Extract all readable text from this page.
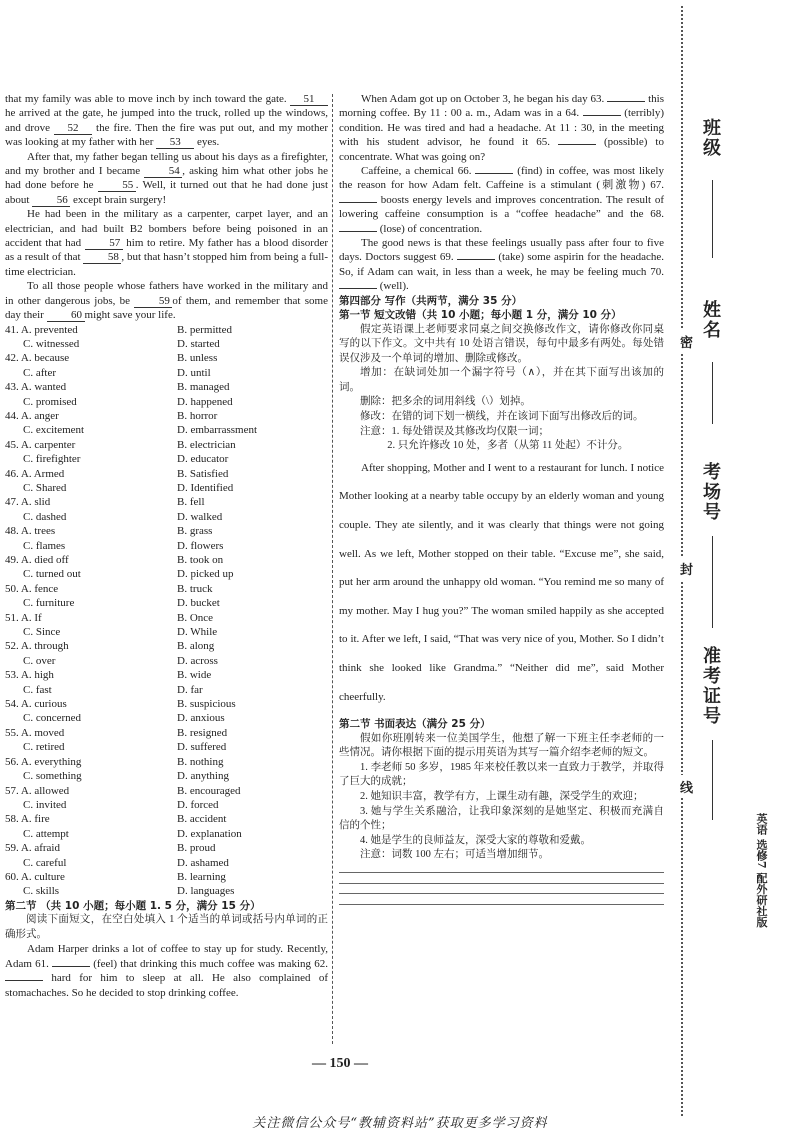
that my family was able to move inch by inch toward the gate. 51he arrived at the gate, he jumped into the truck, rolled up the windows, and drove 52 the fire. Then the fire was put out, and my mother was looking at my father with her 53 eyes.

After that, my father began telling us about his days as a firefighter, and my brother and I became 54 , asking him what other jobs he had done before he 55 . Well, it turned out that he had done just about 56 except brain surgery!

He had been in the military as a carpenter, carpet layer, and an electrician, and had built B2 bombers before being poisoned in an accident that had 57 him to retire. My father has a blood disorder as a result of that 58 , but that hasn’t stopped him from being a full-time electrician.

To all those people whose fathers have worked in the military and in other dangerous jobs, be 59 of them, and remember that some day their 60 might save your life.

41. A. prevented	B. permitted
C. witnessed	D. started
42. A. because	B. unless
C. after	D. until
43. A. wanted	B. managed
C. promised	D. happened
44. A. anger	B. horror
C. excitement	D. embarrassment
45. A. carpenter	B. electrician
C. firefighter	D. educator
46. A. Armed	B. Satisfied
C. Shared	D. Identified
47. A. slid	B. fell
C. dashed	D. walked
48. A. trees	B. grass
C. flames	D. flowers
49. A. died off	B. took on
C. turned out	D. picked up
50. A. fence	B. truck
C. furniture	D. bucket
51. A. If	B. Once
C. Since	D. While
52. A. through	B. along
C. over	D. across
53. A. high	B. wide
C. fast	D. far
54. A. curious	B. suspicious
C. concerned	D. anxious
55. A. moved	B. resigned
C. retired	D. suffered
56. A. everything	B. nothing
C. something	D. anything
57. A. allowed	B. encouraged
C. invited	D. forced
58. A. fire	B. accident
C. attempt	D. explanation
59. A. afraid	B. proud
C. careful	D. ashamed
60. A. culture	B. learning
C. skills	D. languages

第二节 （共 10 小题；每小题 1. 5 分，满分 15 分）

阅读下面短文，在空白处填入 1 个适当的单词或括号内单词的正确形式。

Adam Harper drinks a lot of coffee to stay up for study. Recently, Adam 61.	(feel) that drinking this much coffee was making 62.  hard for him to sleep at all. He also complained of stomachaches. So he decided to stop drinking coffee.

When Adam got up on October 3, he began his day 63.	this morning coffee. By 11 : 00 a. m., Adam was in a 64.	(terribly) condition. He was tired and had a headache. At 11 : 30, in the meeting with his student advisor, he found it 65.	(possible) to concentrate. What was going on?

Caffeine, a chemical 66.	(find) in coffee, was most likely the reason for how Adam felt. Caffeine is a stimulant (刺激物) 67.  boosts energy levels and improves concentration. The result of lowering caffeine consumption is a “coffee headache” and the 68.  (lose) of concentration.

The good news is that these feelings usually pass after four to five days. Doctors suggest 69.	(take) some aspirin for the headache. So, if Adam can wait, in less than a week, he may be feeling much 70.  (well).

第四部分 写作（共两节，满分 35 分）

第一节 短文改错（共 10 小题；每小题 1 分，满分 10 分）

假定英语课上老师要求同桌之间交换修改作文，请你修改你同桌写的以下作文。文中共有 10 处语言错误，每句中最多有两处。每处错误仅涉及一个单词的增加、删除或修改。

增加：在缺词处加一个漏字符号（∧），并在其下面写出该加的词。

删除：把多余的词用斜线（\）划掉。

修改：在错的词下划一横线，并在该词下面写出修改后的词。

注意：1. 每处错误及其修改均仅限一词；

2. 只允许修改 10 处，多者（从第 11 处起）不计分。

After shopping, Mother and I went to a restaurant for lunch. I notice Mother looking at a nearby table occupy by an elderly woman and young couple. They ate silently, and it was clearly that things were not going well. As we left, Mother stopped on their table. “Excuse me”, she said, put her arm around the unhappy old woman. “You remind me so many of my mother. May I hug you?” The woman smiled happily as she accepted to it. After we left, I said, “That was very nice of you, Mother. So I didn’t think she looked like Grandma.” “Neither did me”, said Mother cheerfully.

第二节 书面表达（满分 25 分）

假如你班刚转来一位美国学生，他想了解一下班主任李老师的一些情况。请你根据下面的提示用英语为其写一篇介绍李老师的短文。

1. 李老师 50 多岁，1985 年来校任教以来一直致力于教学，并取得了巨大的成就；

2. 她知识丰富，教学有方，上课生动有趣，深受学生的欢迎；

3. 她与学生关系融洽，让我印象深刻的是她坚定、积极而充满自信的个性；

4. 她是学生的良师益友，深受大家的尊敬和爱戴。

注意：词数 100 左右；可适当增加细节。

班级
姓名
考场号
准考证号
密
封
线
英语 选修7 配外研社版
— 150 —
关注微信公众号“教辅资料站”获取更多学习资料
